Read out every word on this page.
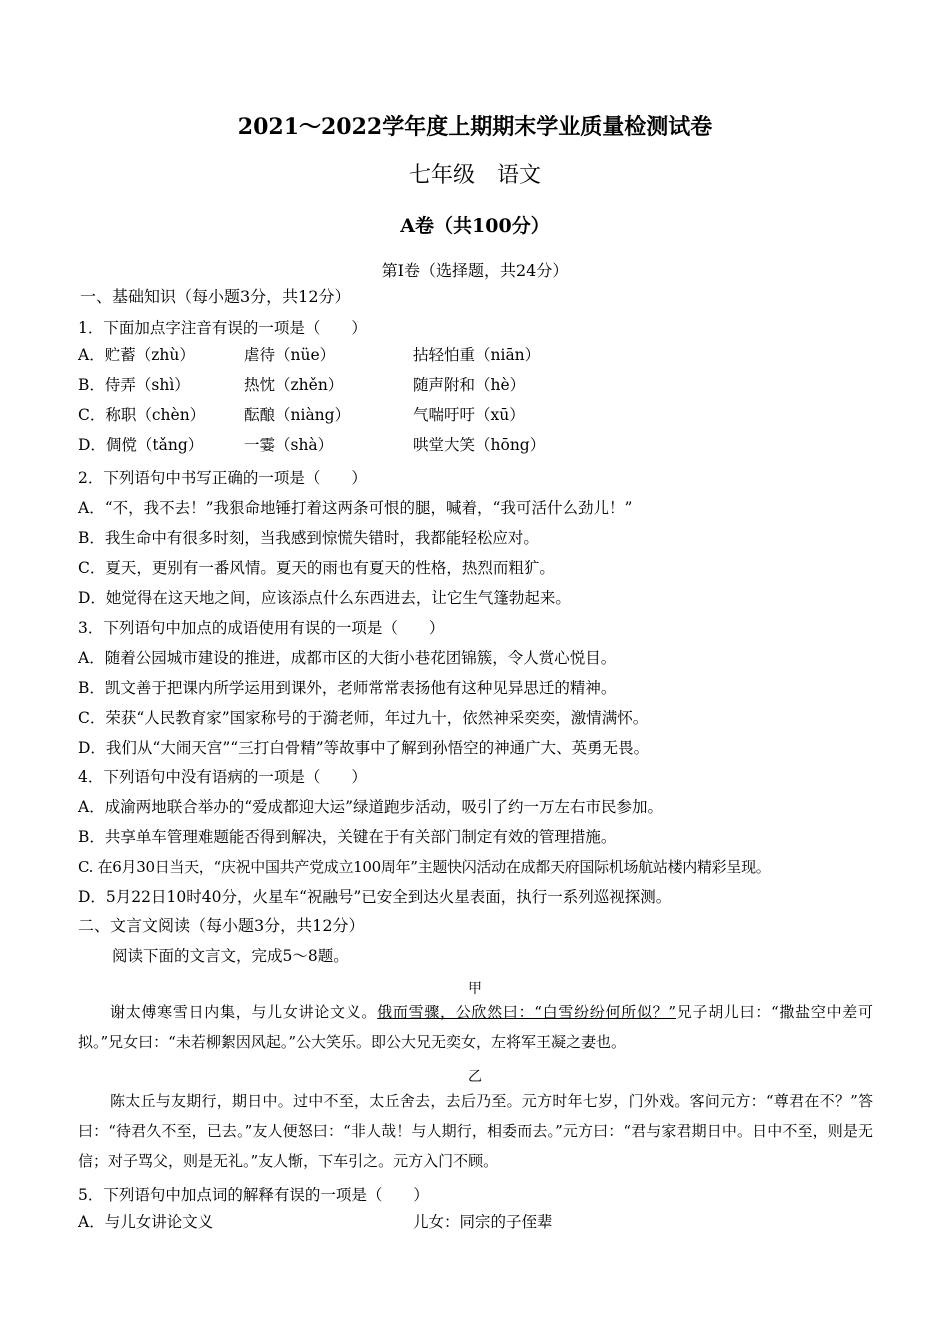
2021～2022学年度上期期末学业质量检测试卷
七年级　语文
A卷（共100分）
第Ⅰ卷（选择题，共24分）
一、基础知识（每小题3分，共12分）
1．下面加点字注音有误的一项是（　　）
A．贮蓄（zhù）	虐待（nüe）	拈轻怕重（niān）
B．侍弄（shì）	热忱（zhěn）	随声附和（hè）
C．称职（chèn）	酝酿（niàng）	气喘吁吁（xū）
D．倜傥（tǎng）	一霎（shà）	哄堂大笑（hōng）
2．下列语句中书写正确的一项是（　　）
A．“不，我不去！”我狠命地锤打着这两条可恨的腿，喊着，“我可活什么劲儿！”
B．我生命中有很多时刻，当我感到惊慌失错时，我都能轻松应对。
C．夏天，更别有一番风情。夏天的雨也有夏天的性格，热烈而粗犷。
D．她觉得在这天地之间，应该添点什么东西进去，让它生气篷勃起来。
3．下列语句中加点的成语使用有误的一项是（　　）
A．随着公园城市建设的推进，成都市区的大街小巷花团锦簇，令人赏心悦目。
B．凯文善于把课内所学运用到课外，老师常常表扬他有这种见异思迁的精神。
C．荣获“人民教育家”国家称号的于漪老师，年过九十，依然神采奕奕，激情满怀。
D．我们从“大闹天宫”“三打白骨精”等故事中了解到孙悟空的神通广大、英勇无畏。
4．下列语句中没有语病的一项是（　　）
A．成渝两地联合举办的“爱成都迎大运”绿道跑步活动，吸引了约一万左右市民参加。
B．共享单车管理难题能否得到解决，关键在于有关部门制定有效的管理措施。
C. 在6月30日当天，“庆祝中国共产党成立100周年”主题快闪活动在成都天府国际机场航站楼内精彩呈现。
D．5月22日10时40分，火星车“祝融号”已安全到达火星表面，执行一系列巡视探测。
二、文言文阅读（每小题3分，共12分）
阅读下面的文言文，完成5～8题。
甲
谢太傅寒雪日内集，与儿女讲论文义。俄而雪骤，公欣然曰：“白雪纷纷何所似？”兄子胡儿曰：“撒盐空中差可拟。”兄女曰：“未若柳絮因风起。”公大笑乐。即公大兄无奕女，左将军王凝之妻也。
乙
陈太丘与友期行，期日中。过中不至，太丘舍去，去后乃至。元方时年七岁，门外戏。客问元方：“尊君在不？”答曰：“待君久不至，已去。”友人便怒曰：“非人哉！与人期行，相委而去。”元方曰：“君与家君期日中。日中不至，则是无信；对子骂父，则是无礼。”友人惭，下车引之。元方入门不顾。
5．下列语句中加点词的解释有误的一项是（　　）
A．与儿女讲论文义	儿女：同宗的子侄辈
